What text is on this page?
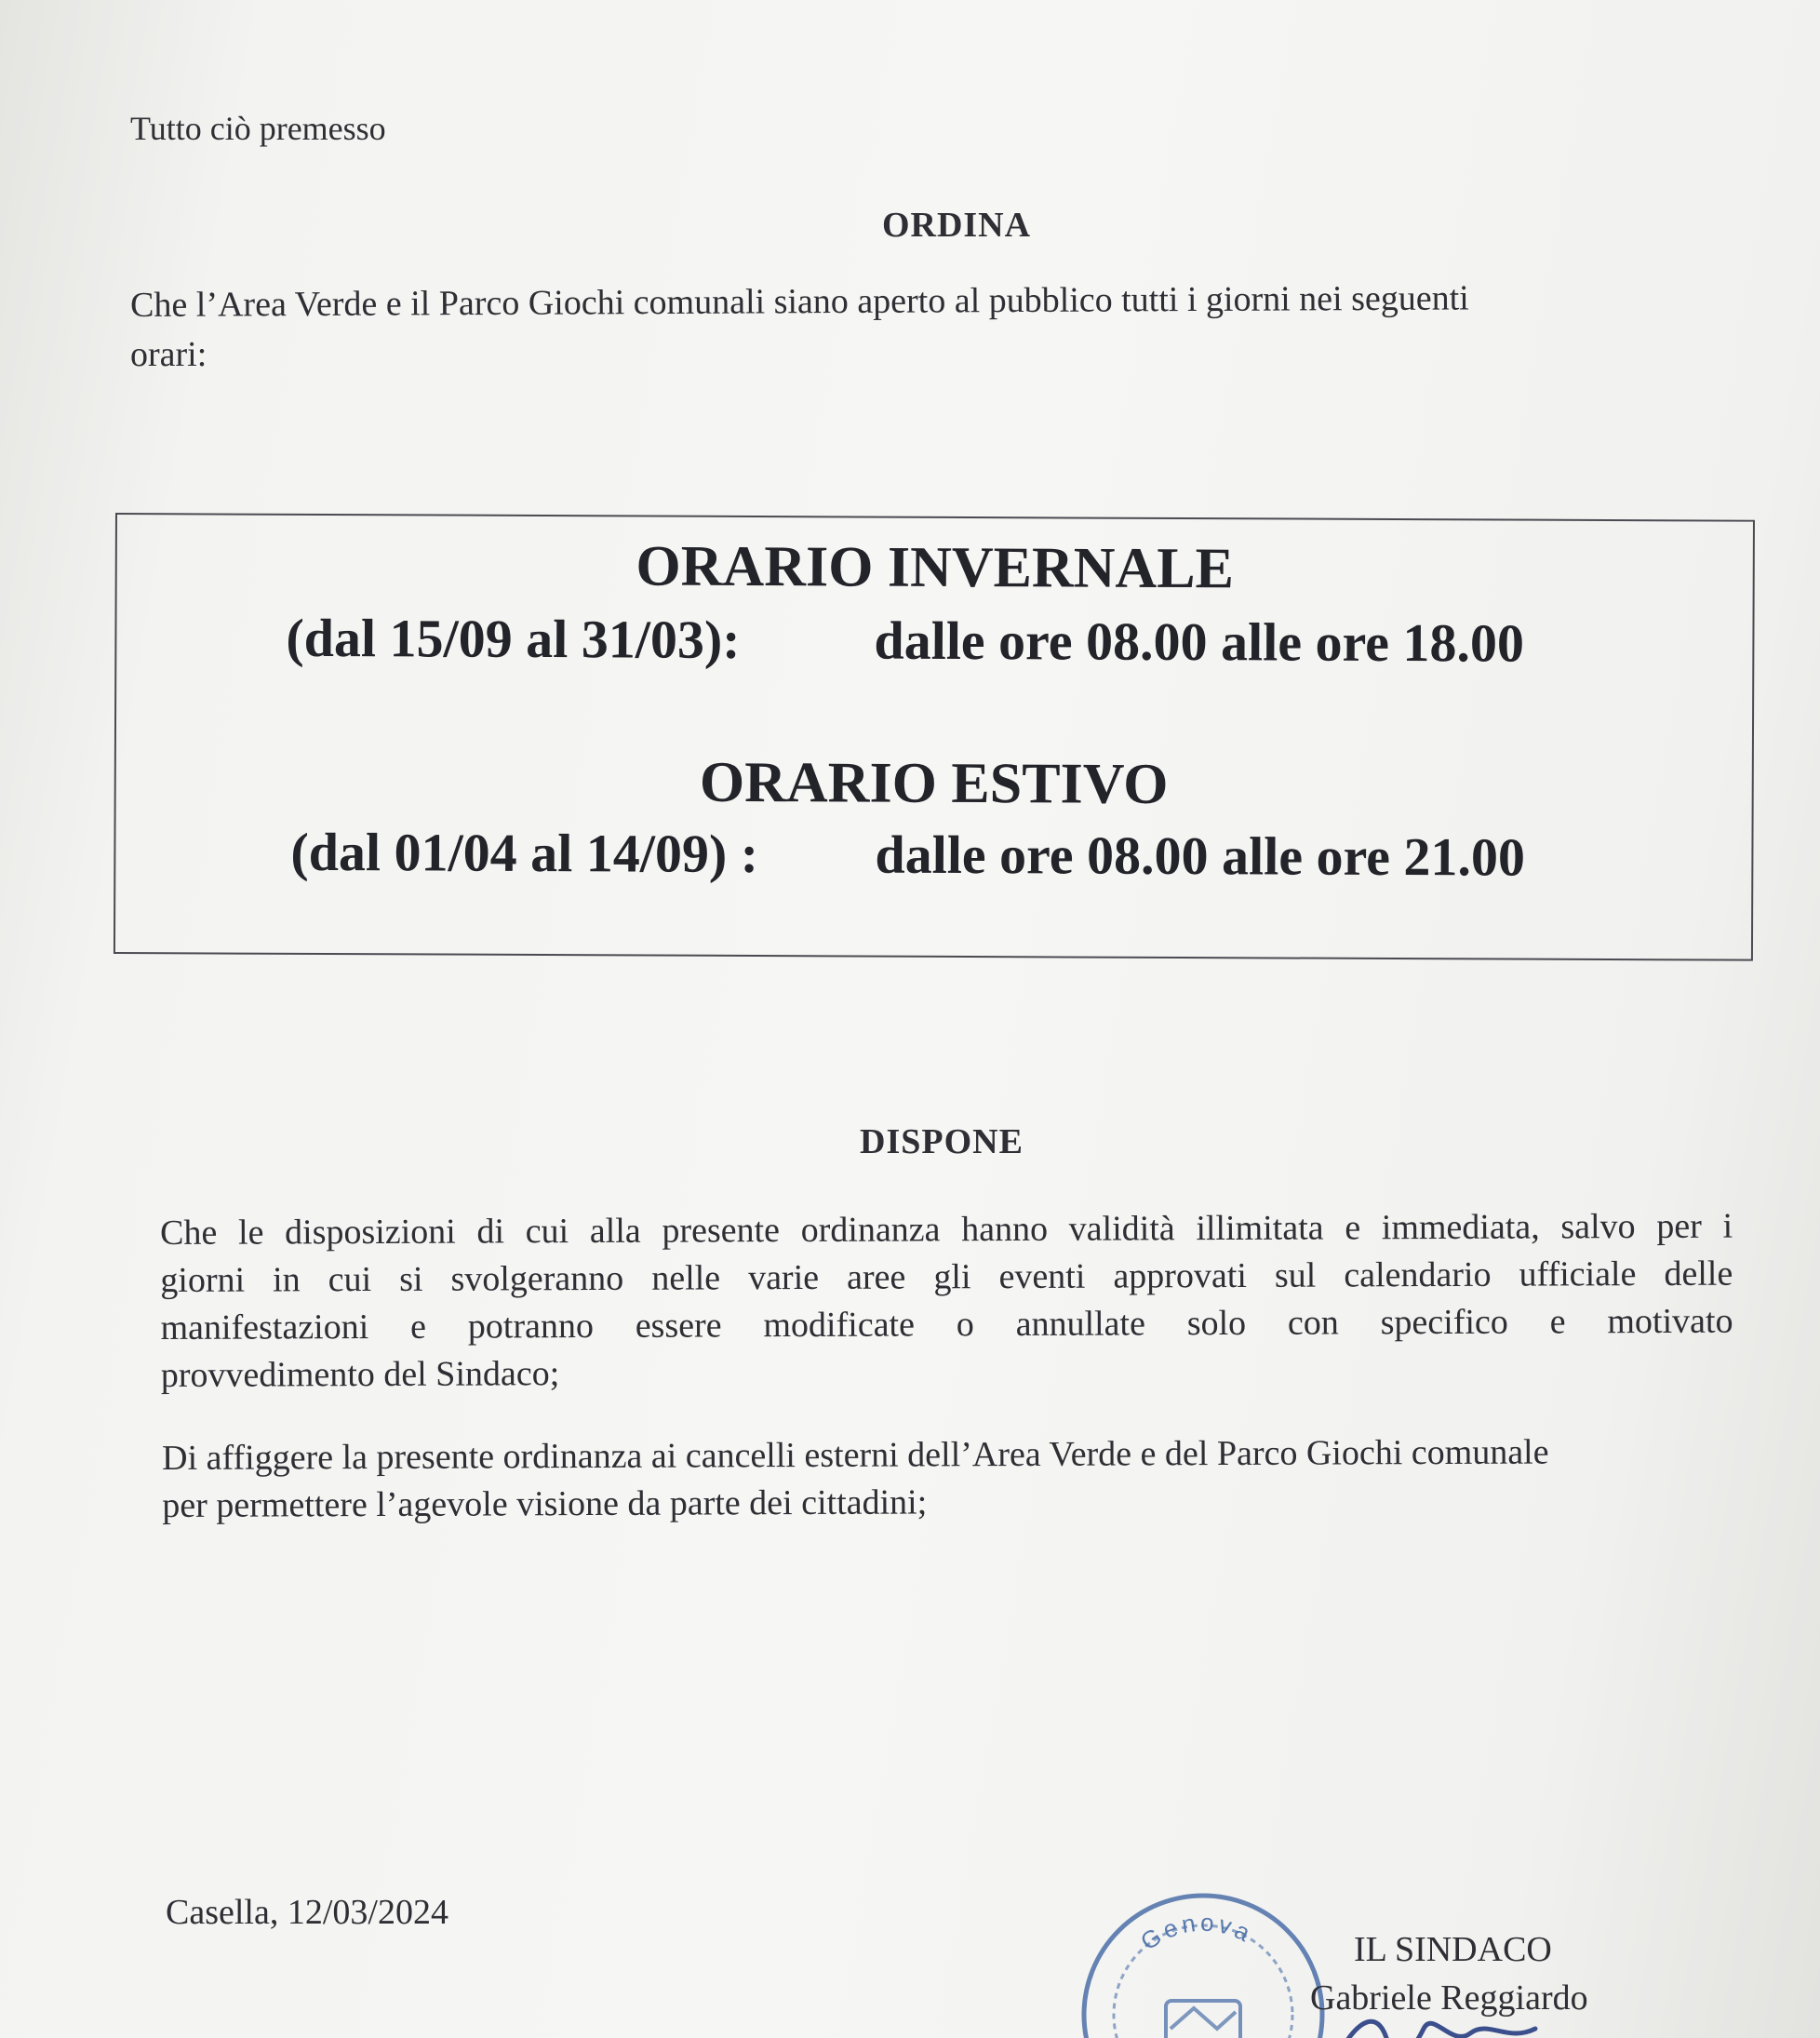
Tutto ciò premesso
ORDINA
Che l’Area Verde e il Parco Giochi comunali siano aperto al pubblico tutti i giorni nei seguenti
orari:
ORARIO INVERNALE
(dal 15/09 al 31/03): dalle ore 08.00 alle ore 18.00
ORARIO ESTIVO
(dal 01/04 al 14/09) : dalle ore 08.00 alle ore 21.00
DISPONE
Che le disposizioni di cui alla presente ordinanza hanno validità illimitata e immediata, salvo per i
giorni in cui si svolgeranno nelle varie aree gli eventi approvati sul calendario ufficiale delle
manifestazioni e potranno essere modificate o annullate solo con specifico e motivato
provvedimento del Sindaco;
Di affiggere la presente ordinanza ai cancelli esterni dell’Area Verde e del Parco Giochi comunale
per permettere l’agevole visione da parte dei cittadini;
Casella, 12/03/2024
Genova	IL SINDACO
Gabriele Reggiardo
